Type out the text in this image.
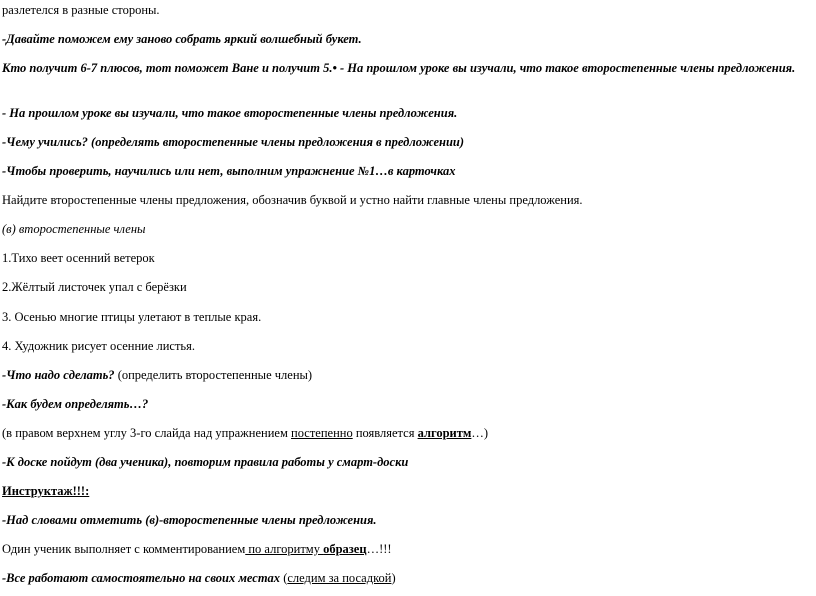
разлетелся в разные стороны.
-Давайте поможем ему заново собрать яркий волшебный букет.
Кто получит 6-7 плюсов, тот поможет Ване и получит 5.• - На прошлом уроке вы изучали, что такое второстепенные члены предложения.
- На прошлом уроке вы изучали, что такое второстепенные члены предложения.
-Чему учились? (определять второстепенные члены предложения в предложении)
-Чтобы проверить, научились или нет, выполним упражнение №1…в карточках
Найдите второстепенные члены предложения, обозначив буквой и устно найти главные члены предложения.
(в) второстепенные члены
1.Тихо веет осенний ветерок
2.Жёлтый листочек упал с берёзки
3. Осенью многие птицы улетают в теплые края.
4. Художник рисует осенние листья.
-Что надо сделать? (определить второстепенные члены)
-Как будем определять…?
(в правом верхнем углу 3-го слайда над упражнением постепенно появляется алгоритм…)
-К доске пойдут (два ученика), повторим правила работы у смарт-доски
Инструктаж!!!:
-Над словами отметить (в)-второстепенные члены предложения.
Один ученик выполняет с комментированием по алгоритму образец…!!!
-Все работают самостоятельно на своих местах (следим за посадкой)
